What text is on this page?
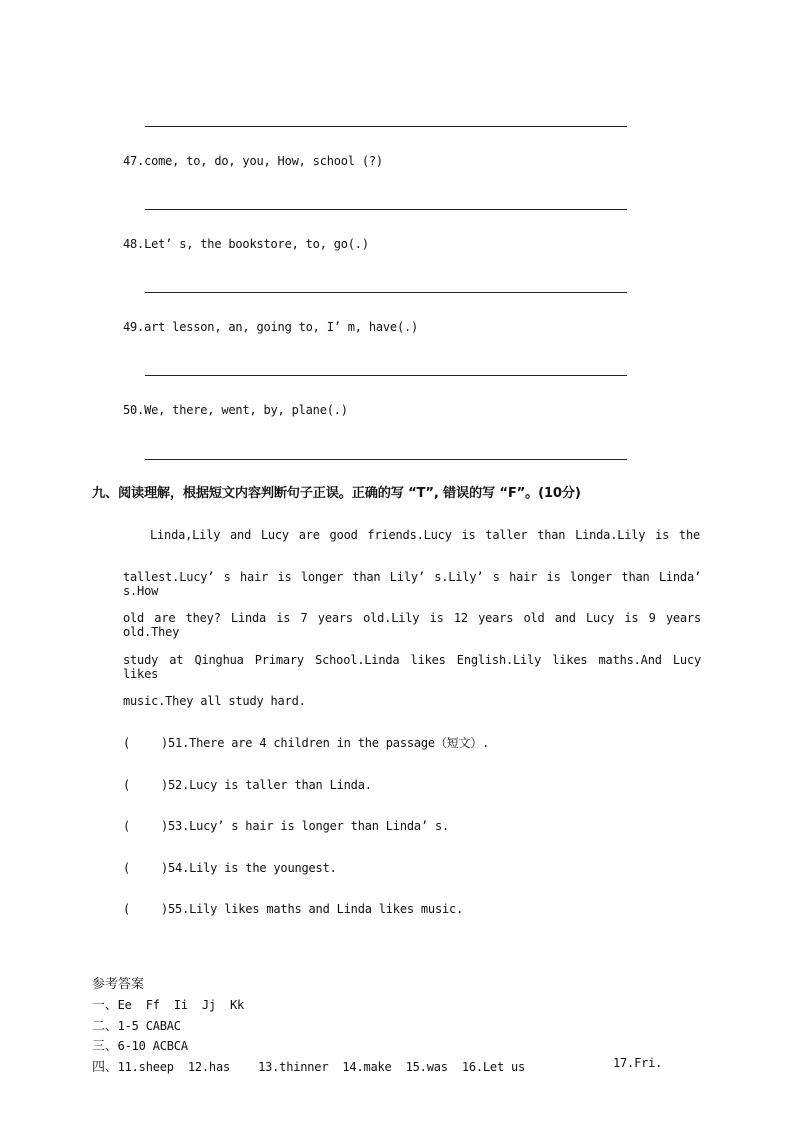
47.come, to, do, you, How, school (?)
48.Let’ s, the bookstore, to, go(.)
49.art lesson, an, going to, I’ m, have(.)
50.We, there, went, by, plane(.)
九、阅读理解，根据短文内容判断句子正误。正确的写 “T”, 错误的写 “F”。(10分)
Linda,Lily and Lucy are good friends.Lucy is taller than Linda.Lily is the
tallest.Lucy’ s hair is longer than Lily’ s.Lily’ s hair is longer than Linda’ s.How
old are they? Linda is 7 years old.Lily is 12 years old and Lucy is 9 years old.They
study at Qinghua Primary School.Linda likes English.Lily likes maths.And Lucy likes
music.They all study hard.
(	)51.There are 4 children in the passage（短文）.
(	)52.Lucy is taller than Linda.
(	)53.Lucy’ s hair is longer than Linda’ s.
(	)54.Lily is the youngest.
(	)55.Lily likes maths and Linda likes music.
参考答案
一、Ee  Ff  Ii  Jj  Kk
二、1-5 CABAC
三、6-10 ACBCA
四、11.sheep  12.has    13.thinner  14.make  15.was  16.Let us	17.Fri.
